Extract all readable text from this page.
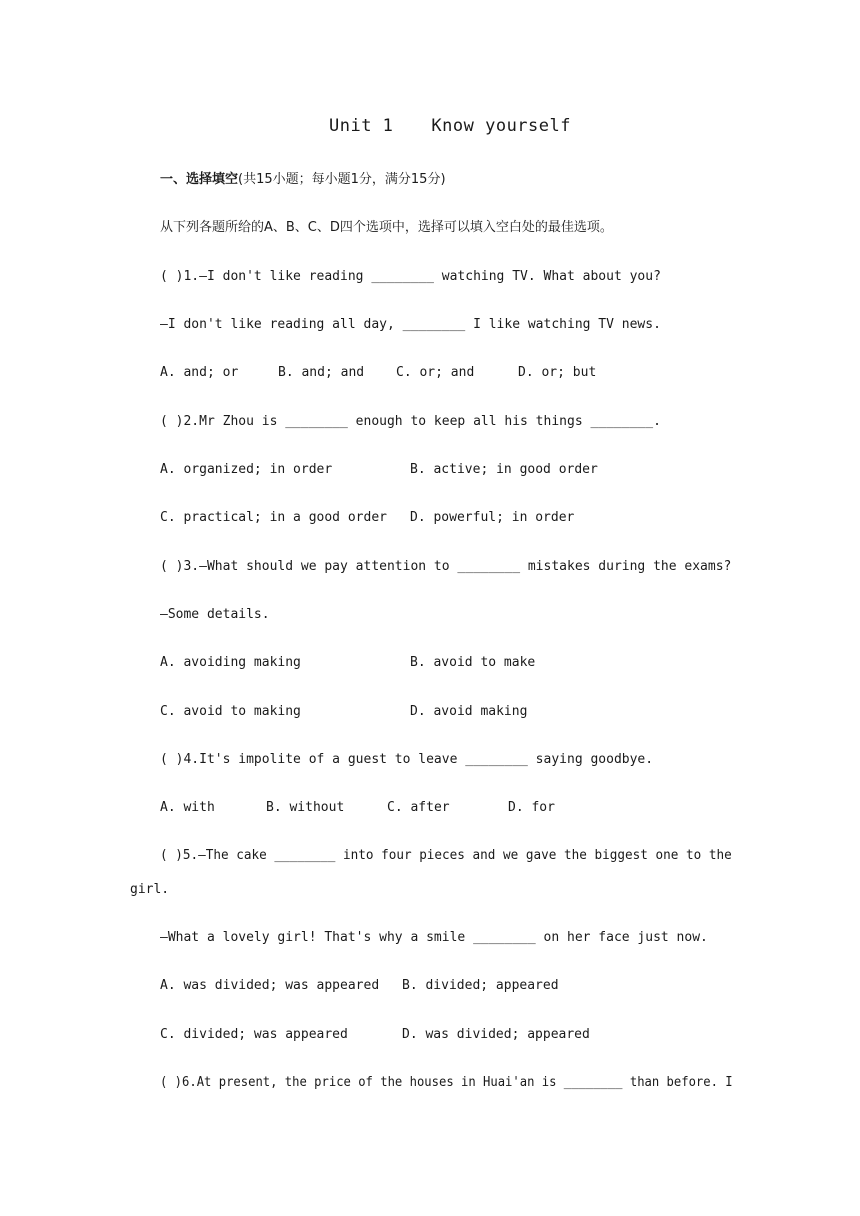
Unit 1 Know yourself
一、选择填空(共15小题；每小题1分，满分15分)
从下列各题所给的A、B、C、D四个选项中，选择可以填入空白处的最佳选项。
( )1.—I don't like reading ________ watching TV. What about you?
—I don't like reading all day, ________ I like watching TV news.
A. and; or	B. and; and C. or; and	D. or; but
( )2.Mr Zhou is ________ enough to keep all his things ________.
A. organized; in order	B. active; in good order
C. practical; in a good order D. powerful; in order
( )3.—What should we pay attention to ________ mistakes during the exams?
—Some details.
A. avoiding making	B. avoid to make
C. avoid to making	D. avoid making
( )4.It's impolite of a guest to leave ________ saying goodbye.
A. with	B. without	C. after	D. for
( )5.—The cake ________ into four pieces and we gave the biggest one to the
girl.
—What a lovely girl! That's why a smile ________ on her face just now.
A. was divided; was appeared B. divided; appeared
C. divided; was appeared	D. was divided; appeared
( )6.At present, the price of the houses in Huai'an is ________ than before. I
